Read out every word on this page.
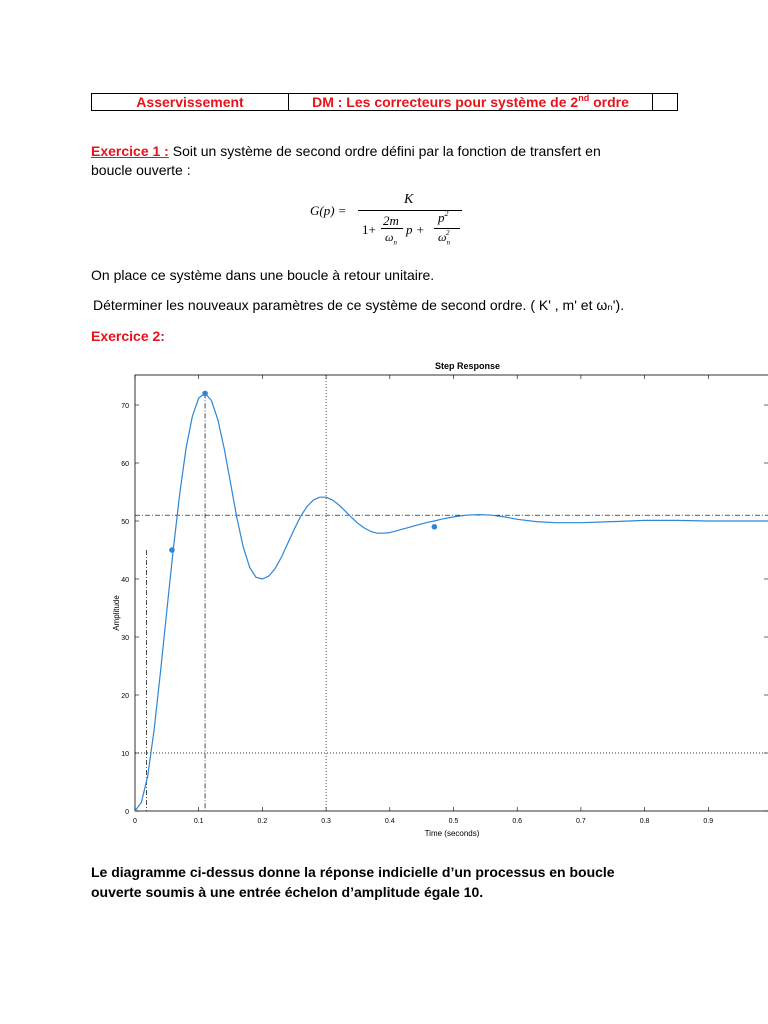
Asservissement	DM : Les correcteurs pour système de 2nd ordre
Exercice 1 : Soit un système de second ordre défini par la fonction de transfert en
boucle ouverte :
G(p) =
K
1+
2m
$\omega_n$
p +
$p^2$
$\omega_n^2$
On place ce système dans une boucle à retour unitaire.
Déterminer les nouveaux paramètres de ce système de second ordre. ( K' , m' et ωₙ').
Exercice 2:
Step Response
Time (seconds)
Amplitude
0	0.1	0.2	0.3	0.4	0.5	0.6	0.7	0.8	0.9
0
10
20
30
40
50
60
70
Le diagramme ci-dessus donne la réponse indicielle d’un processus en boucle
ouverte soumis à une entrée échelon d’amplitude égale 10.
